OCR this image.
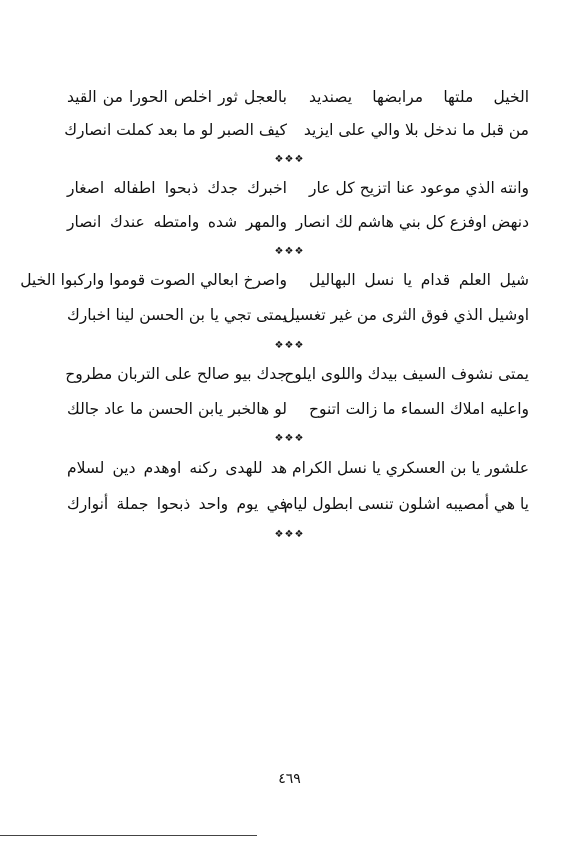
الخيل ملتها مرابضها يصنديد
بالعجل ثور اخلص الحورا من القيد
من قبل ما ندخل بلا والي على ايزيد
كيف الصبر لو ما بعد كملت انصارك
❖❖❖
وانته الذي موعود عنا اتزيح كل عار
اخبرك جدك ذبحوا اطفاله اصغار
دنهض اوفزع كل بني هاشم لك انصار
والمهر شده وامتطه عندك انصار
❖❖❖
شيل العلم قدام يا نسل البهاليل
واصرخ ابعالي الصوت قوموا واركبوا الخيل
اوشيل الذي فوق الثرى من غير تغسيل
يمتى تجي يا بن الحسن لينا اخبارك
❖❖❖
يمتى نشوف السيف بيدك واللوى ايلوح
جدك بيو صالح على التربان مطروح
واعليه املاك السماء ما زالت اتنوح
لو هالخبر يابن الحسن ما عاد جالك
❖❖❖
علشور يا بن العسكري يا نسل الكرام
هد للهدى ركنه اوهدم دين لسلام
يا هي أمصيبه اشلون تنسى ابطول ليام
في يوم واحد ذبحوا جملة أنوارك
❖❖❖
٤٦٩
